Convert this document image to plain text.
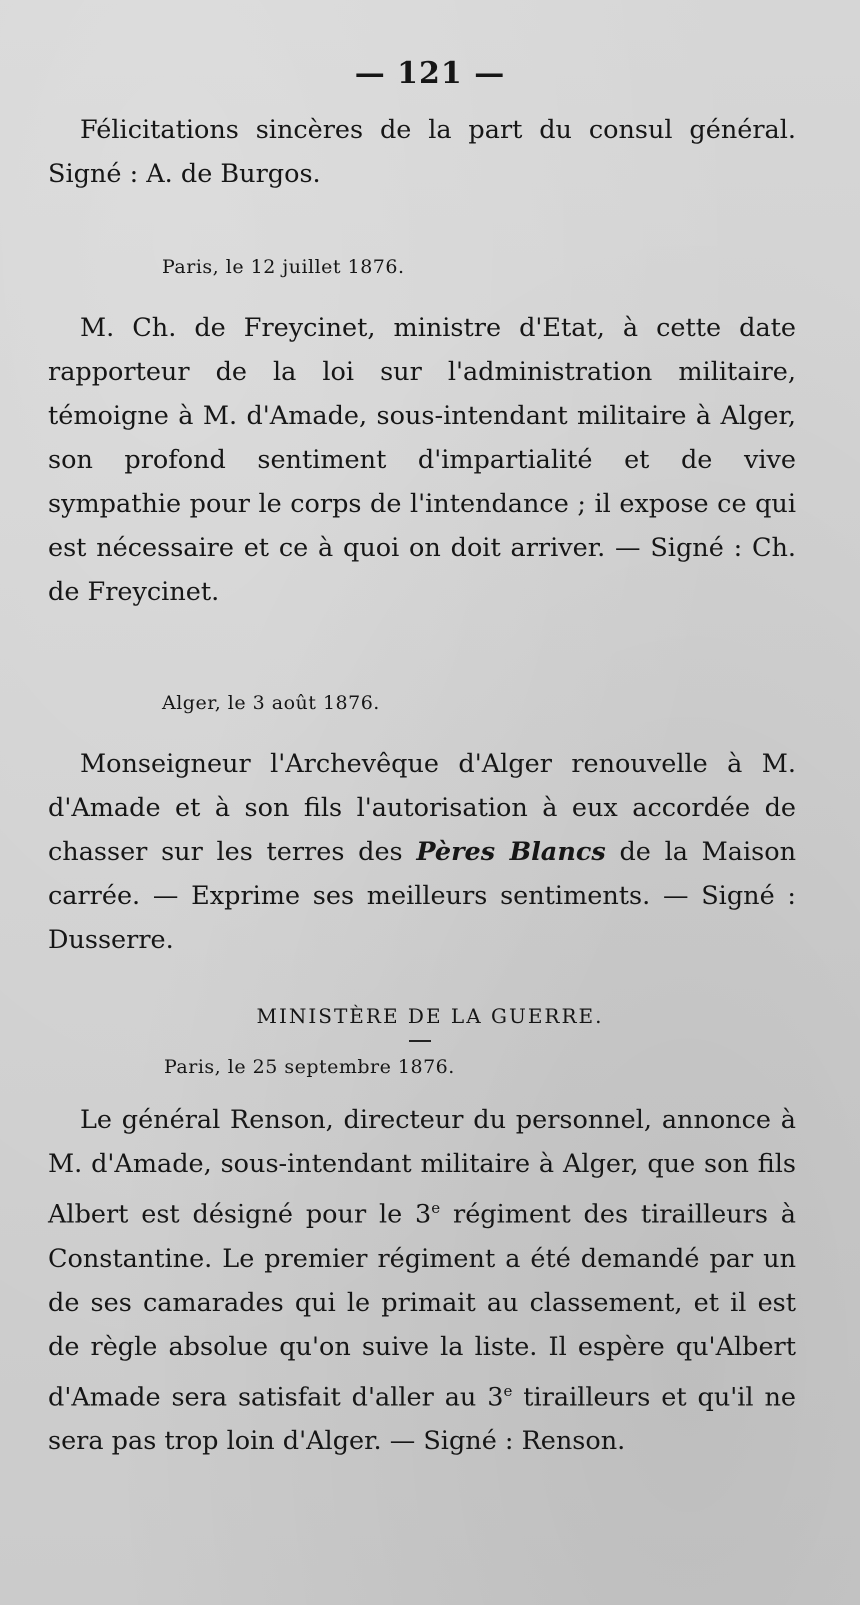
— 121 —

Félicitations sincères de la part du consul général. Signé : A. de Burgos.

Paris, le 12 juillet 1876.

M. Ch. de Freycinet, ministre d'Etat, à cette date rapporteur de la loi sur l'administration militaire, témoigne à M. d'Amade, sous-intendant militaire à Alger, son profond sentiment d'impartialité et de vive sympathie pour le corps de l'intendance ; il expose ce qui est nécessaire et ce à quoi on doit arriver. — Signé : Ch. de Freycinet.

Alger, le 3 août 1876.

Monseigneur l'Archevêque d'Alger renouvelle à M. d'Amade et à son fils l'autorisation à eux accordée de chasser sur les terres des Pères Blancs de la Maison carrée. — Exprime ses meilleurs sentiments. — Signé : Dusserre.

MINISTÈRE DE LA GUERRE.
Paris, le 25 septembre 1876.

Le général Renson, directeur du personnel, annonce à M. d'Amade, sous-intendant militaire à Alger, que son fils Albert est désigné pour le 3e régiment des tirailleurs à Constantine. Le premier régiment a été demandé par un de ses camarades qui le primait au classement, et il est de règle absolue qu'on suive la liste. Il espère qu'Albert d'Amade sera satisfait d'aller au 3e tirailleurs et qu'il ne sera pas trop loin d'Alger. — Signé : Renson.
